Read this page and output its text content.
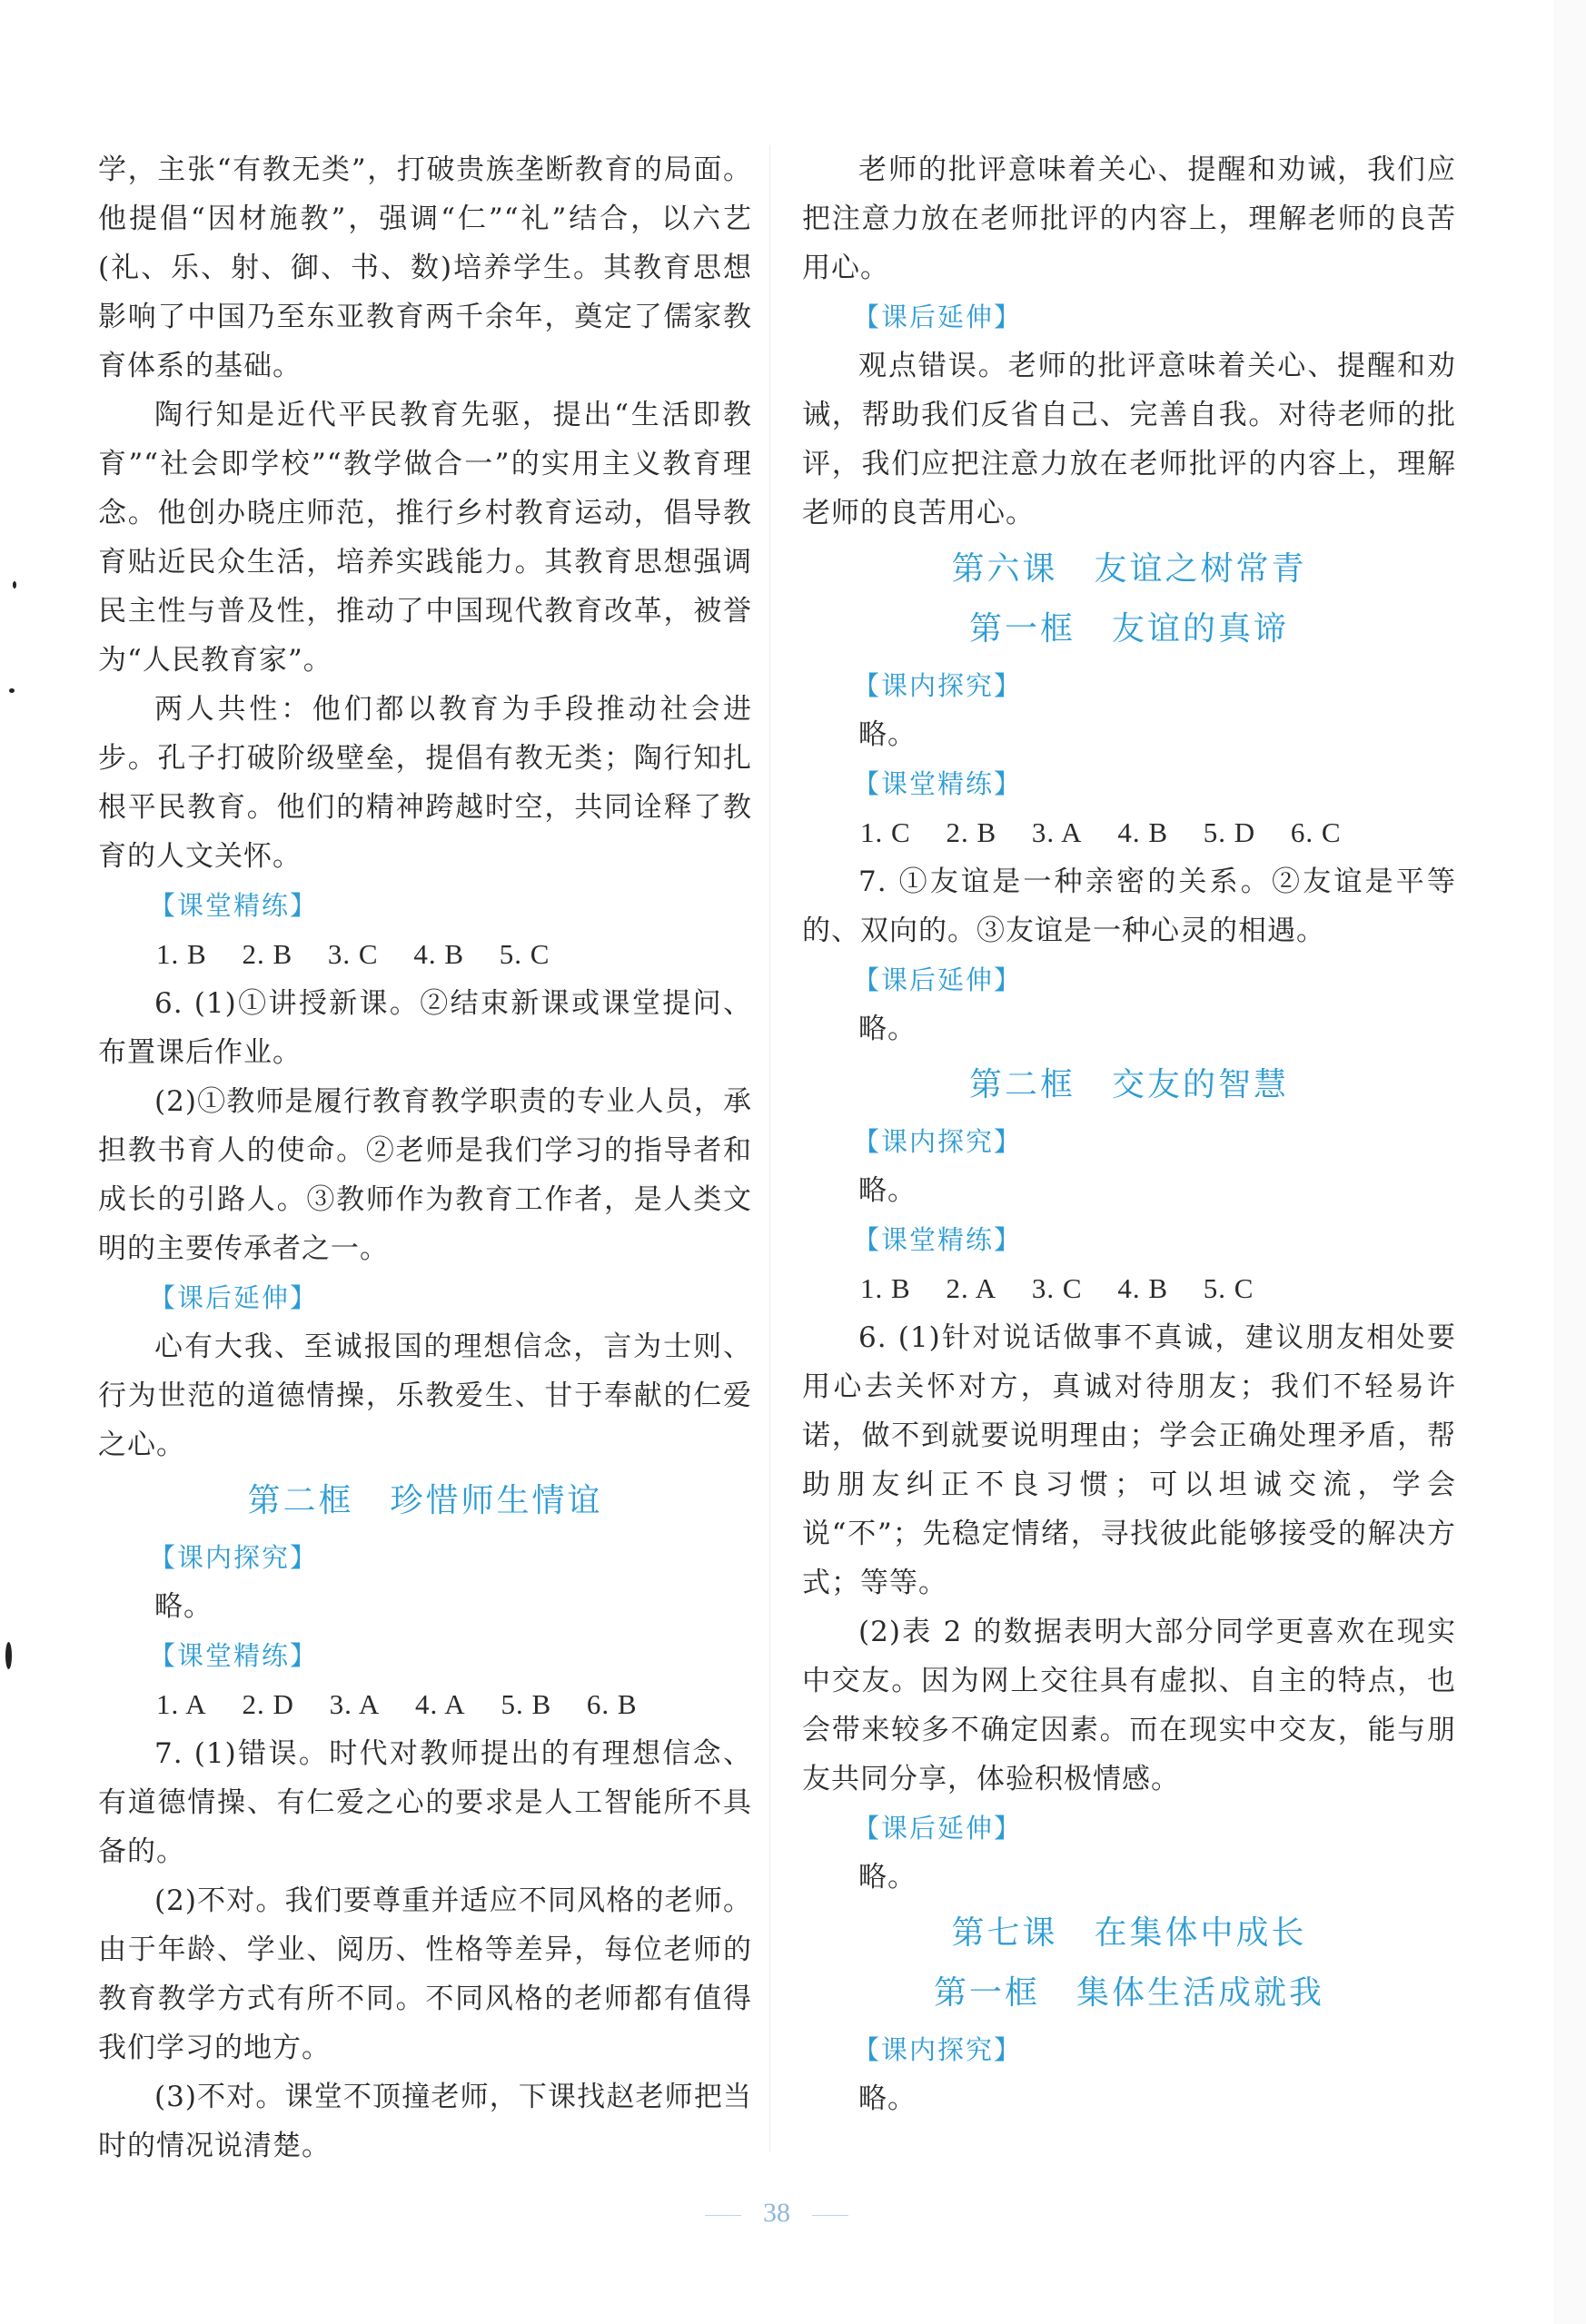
学，主张“有教无类”，打破贵族垄断教育的局面。他提倡“因材施教”，强调“仁”“礼”结合，以六艺(礼、乐、射、御、书、数)培养学生。其教育思想影响了中国乃至东亚教育两千余年，奠定了儒家教育体系的基础。

陶行知是近代平民教育先驱，提出“生活即教育”“社会即学校”“教学做合一”的实用主义教育理念。他创办晓庄师范，推行乡村教育运动，倡导教育贴近民众生活，培养实践能力。其教育思想强调民主性与普及性，推动了中国现代教育改革，被誉为“人民教育家”。

两人共性：他们都以教育为手段推动社会进步。孔子打破阶级壁垒，提倡有教无类；陶行知扎根平民教育。他们的精神跨越时空，共同诠释了教育的人文关怀。

【课堂精练】

1. B 2. B 3. C 4. B 5. C

6. (1)①讲授新课。②结束新课或课堂提问、布置课后作业。

(2)①教师是履行教育教学职责的专业人员，承担教书育人的使命。②老师是我们学习的指导者和成长的引路人。③教师作为教育工作者，是人类文明的主要传承者之一。

【课后延伸】

心有大我、至诚报国的理想信念，言为士则、行为世范的道德情操，乐教爱生、甘于奉献的仁爱之心。

第二框 珍惜师生情谊

【课内探究】

略。

【课堂精练】

1. A 2. D 3. A 4. A 5. B 6. B

7. (1)错误。时代对教师提出的有理想信念、有道德情操、有仁爱之心的要求是人工智能所不具备的。

(2)不对。我们要尊重并适应不同风格的老师。由于年龄、学业、阅历、性格等差异，每位老师的教育教学方式有所不同。不同风格的老师都有值得我们学习的地方。

(3)不对。课堂不顶撞老师，下课找赵老师把当时的情况说清楚。

老师的批评意味着关心、提醒和劝诫，我们应把注意力放在老师批评的内容上，理解老师的良苦用心。

【课后延伸】

观点错误。老师的批评意味着关心、提醒和劝诫，帮助我们反省自己、完善自我。对待老师的批评，我们应把注意力放在老师批评的内容上，理解老师的良苦用心。

第六课 友谊之树常青
第一框 友谊的真谛

【课内探究】

略。

【课堂精练】

1. C 2. B 3. A 4. B 5. D 6. C

7. ①友谊是一种亲密的关系。②友谊是平等的、双向的。③友谊是一种心灵的相遇。

【课后延伸】

略。

第二框 交友的智慧

【课内探究】

略。

【课堂精练】

1. B 2. A 3. C 4. B 5. C

6. (1)针对说话做事不真诚，建议朋友相处要用心去关怀对方，真诚对待朋友；我们不轻易许诺，做不到就要说明理由；学会正确处理矛盾，帮助朋友纠正不良习惯；可以坦诚交流，学会说“不”；先稳定情绪，寻找彼此能够接受的解决方式；等等。

(2)表 2 的数据表明大部分同学更喜欢在现实中交友。因为网上交往具有虚拟、自主的特点，也会带来较多不确定因素。而在现实中交友，能与朋友共同分享，体验积极情感。

【课后延伸】

略。

第七课 在集体中成长
第一框 集体生活成就我

【课内探究】

略。

38
